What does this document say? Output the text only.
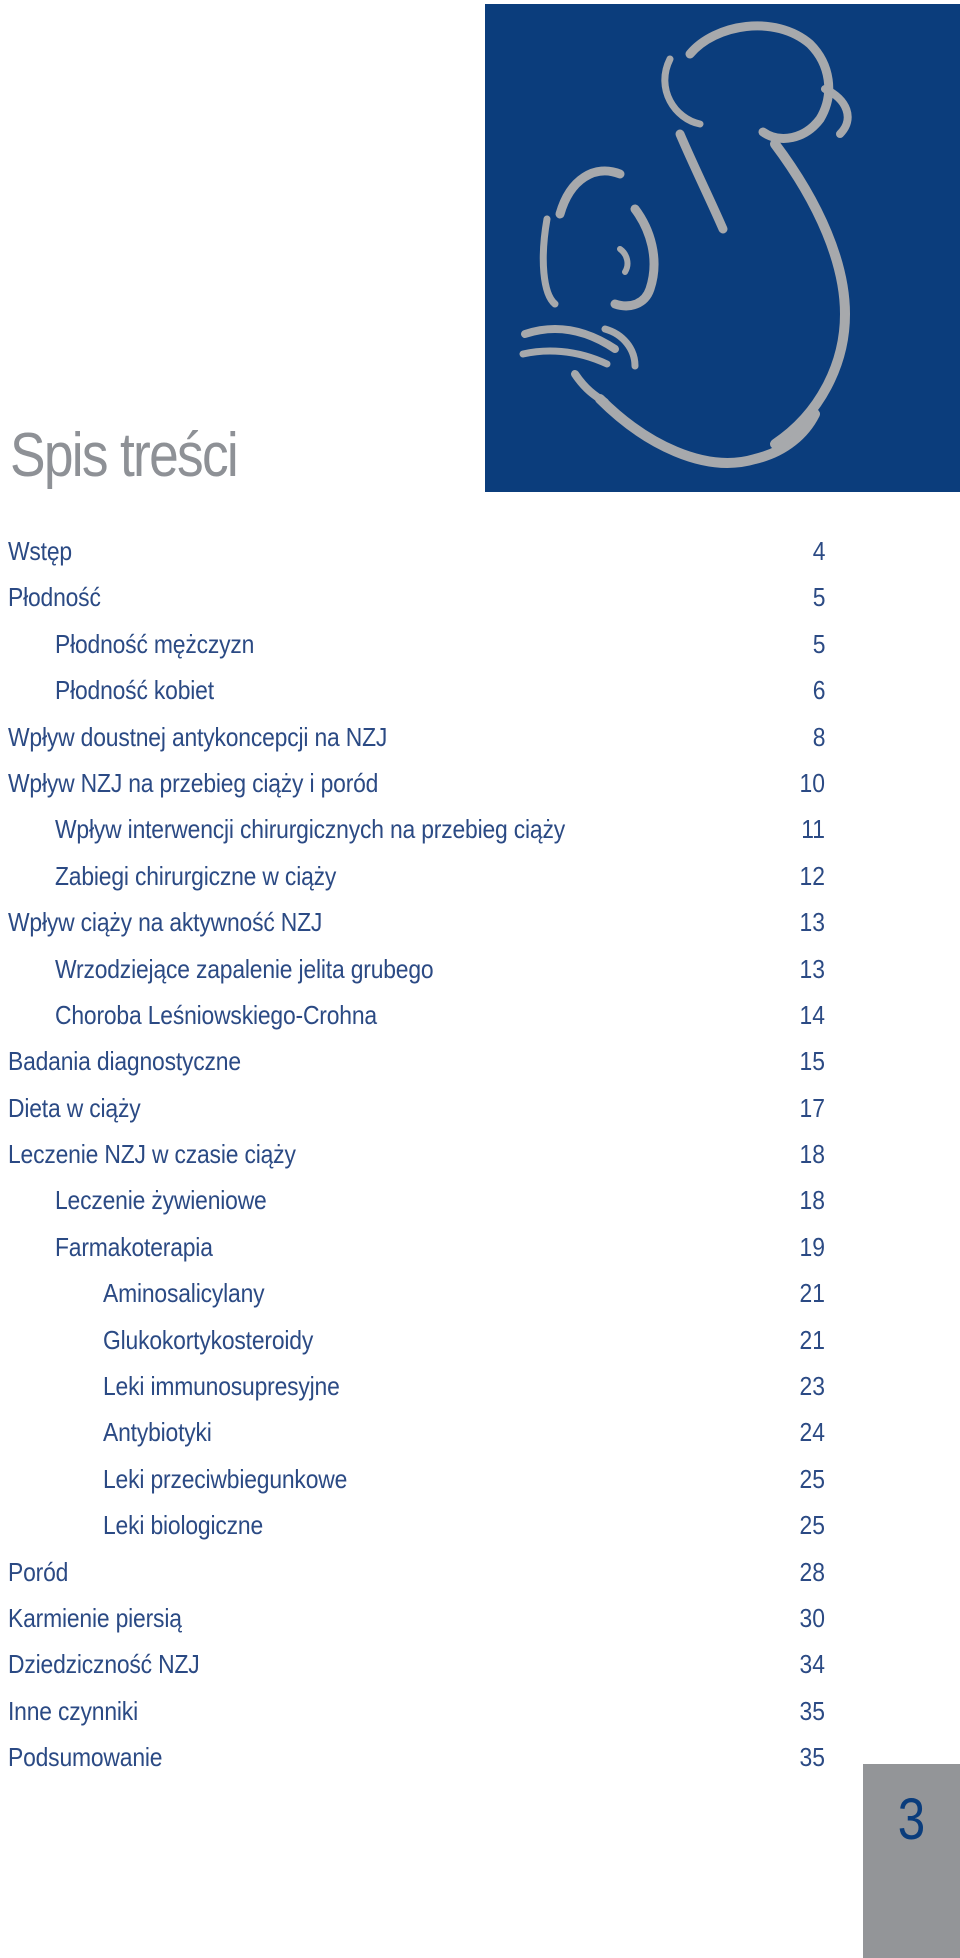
Spis treści
Wstęp	4
Płodność	5
Płodność mężczyzn	5
Płodność kobiet	6
Wpływ doustnej antykoncepcji na NZJ	8
Wpływ NZJ na przebieg ciąży i poród	10
Wpływ interwencji chirurgicznych na przebieg ciąży	11
Zabiegi chirurgiczne w ciąży	12
Wpływ ciąży na aktywność NZJ	13
Wrzodziejące zapalenie jelita grubego	13
Choroba Leśniowskiego-Crohna	14
Badania diagnostyczne	15
Dieta w ciąży	17
Leczenie NZJ w czasie ciąży	18
Leczenie żywieniowe	18
Farmakoterapia	19
Aminosalicylany	21
Glukokortykosteroidy	21
Leki immunosupresyjne	23
Antybiotyki	24
Leki przeciwbiegunkowe	25
Leki biologiczne	25
Poród	28
Karmienie piersią	30
Dziedziczność NZJ	34
Inne czynniki	35
Podsumowanie	35
3
